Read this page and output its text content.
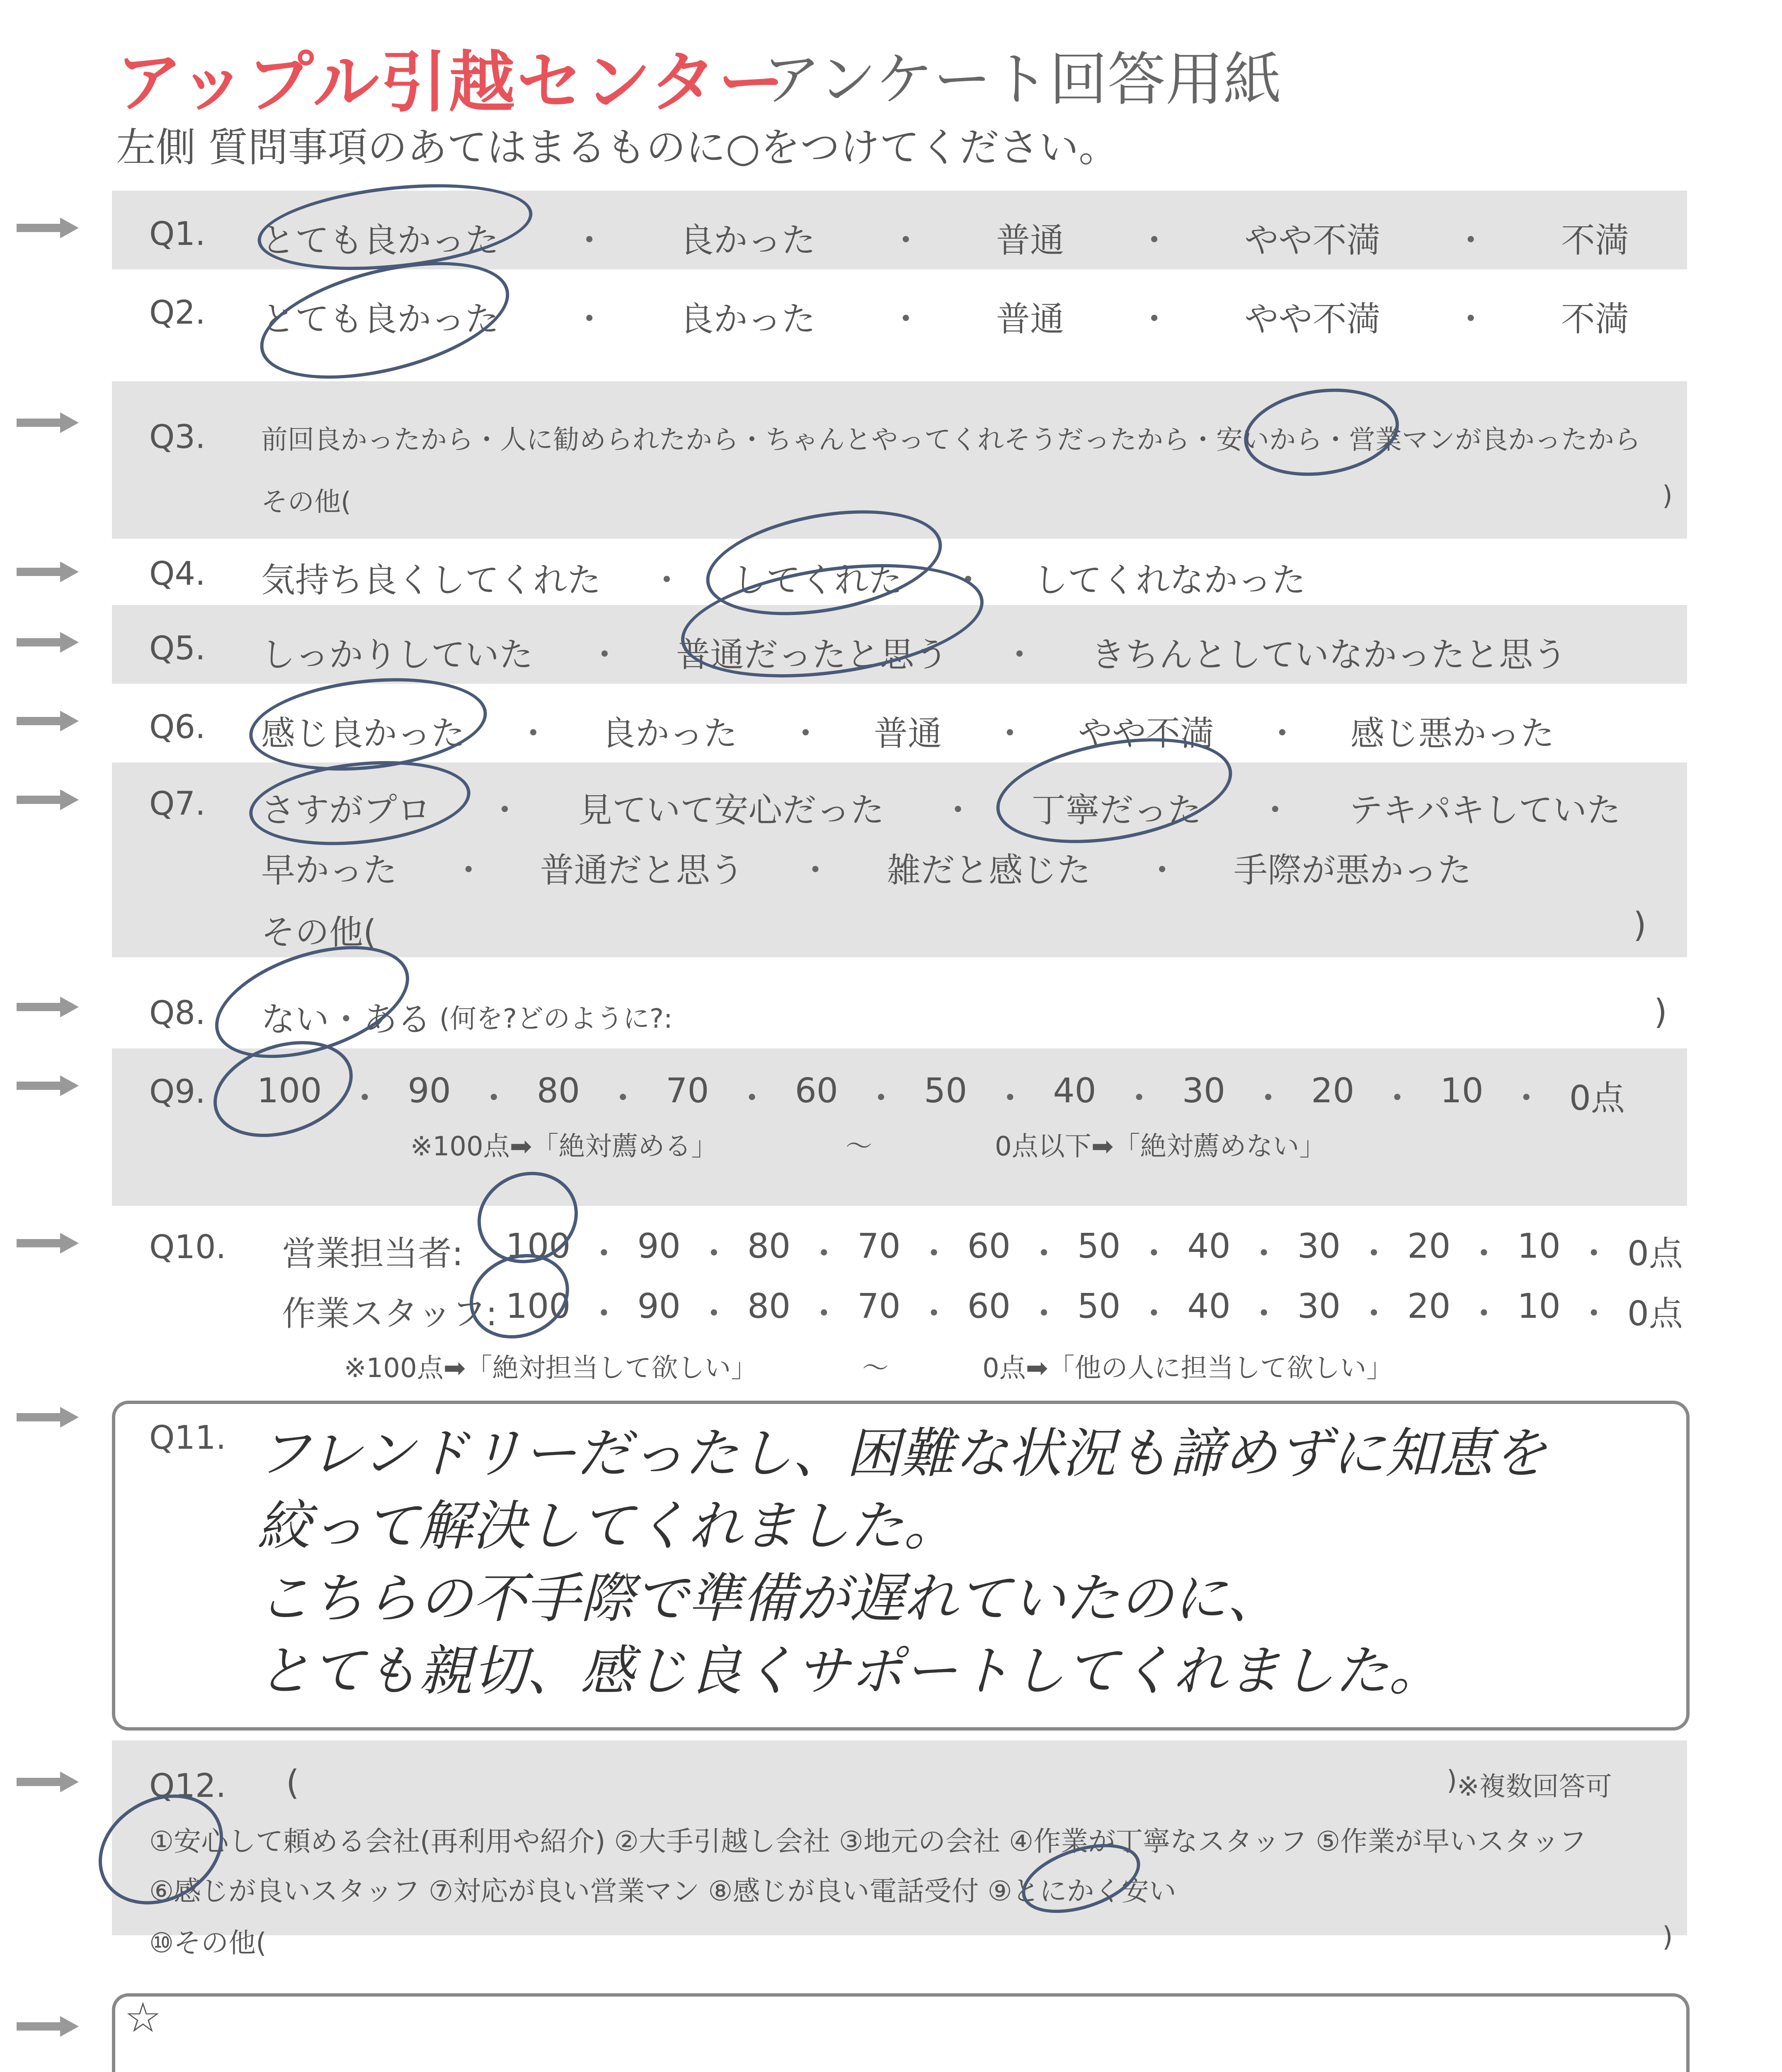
アップル引越センター
アンケート回答用紙
左側 質問事項のあてはまるものに○をつけてください。
Q1. とても良かった ・ 良かった ・ 普通 ・ やや不満 ・ 不満
Q2. とても良かった ・ 良かった ・ 普通 ・ やや不満 ・ 不満
Q3. 前回良かったから・人に勧められたから・ちゃんとやってくれそうだったから・安いから・営業マンが良かったから
その他(	)
Q4. 気持ち良くしてくれた ・ してくれた ・ してくれなかった
Q5. しっかりしていた ・ 普通だったと思う ・ きちんとしていなかったと思う
Q6. 感じ良かった ・ 良かった ・ 普通 ・ やや不満 ・ 感じ悪かった
Q7. さすがプロ ・ 見ていて安心だった ・ 丁寧だった ・ テキパキしていた
早かった ・ 普通だと思う ・ 雑だと感じた ・ 手際が悪かった
その他(	)
Q8. ない ・ ある (何を?どのように?:	)
Q9. 100 ・ 90 ・ 80 ・ 70 ・ 60 ・ 50 ・ 40 ・ 30 ・ 20 ・ 10 ・ 0点
※100点➡「絶対薦める」	〜	0点以下➡「絶対薦めない」
Q10. 営業担当者: 100 ・ 90 ・ 80 ・ 70 ・ 60 ・ 50 ・ 40 ・ 30 ・ 20 ・ 10 ・ 0点
作業スタッフ: 100 ・ 90 ・ 80 ・ 70 ・ 60 ・ 50 ・ 40 ・ 30 ・ 20 ・ 10 ・ 0点
※100点➡「絶対担当して欲しい」	〜	0点➡「他の人に担当して欲しい」
Q11. フレンドリーだったし、困難な状況も諦めずに知恵を
絞って解決してくれました。
こちらの不手際で準備が遅れていたのに、
とても親切、感じ良くサポートしてくれました。
Q12. (	) ※複数回答可
①安心して頼める会社(再利用や紹介) ②大手引越し会社 ③地元の会社 ④作業が丁寧なスタッフ ⑤作業が早いスタッフ
⑥感じが良いスタッフ ⑦対応が良い営業マン ⑧感じが良い電話受付 ⑨とにかく安い
⑩その他(	)
☆
